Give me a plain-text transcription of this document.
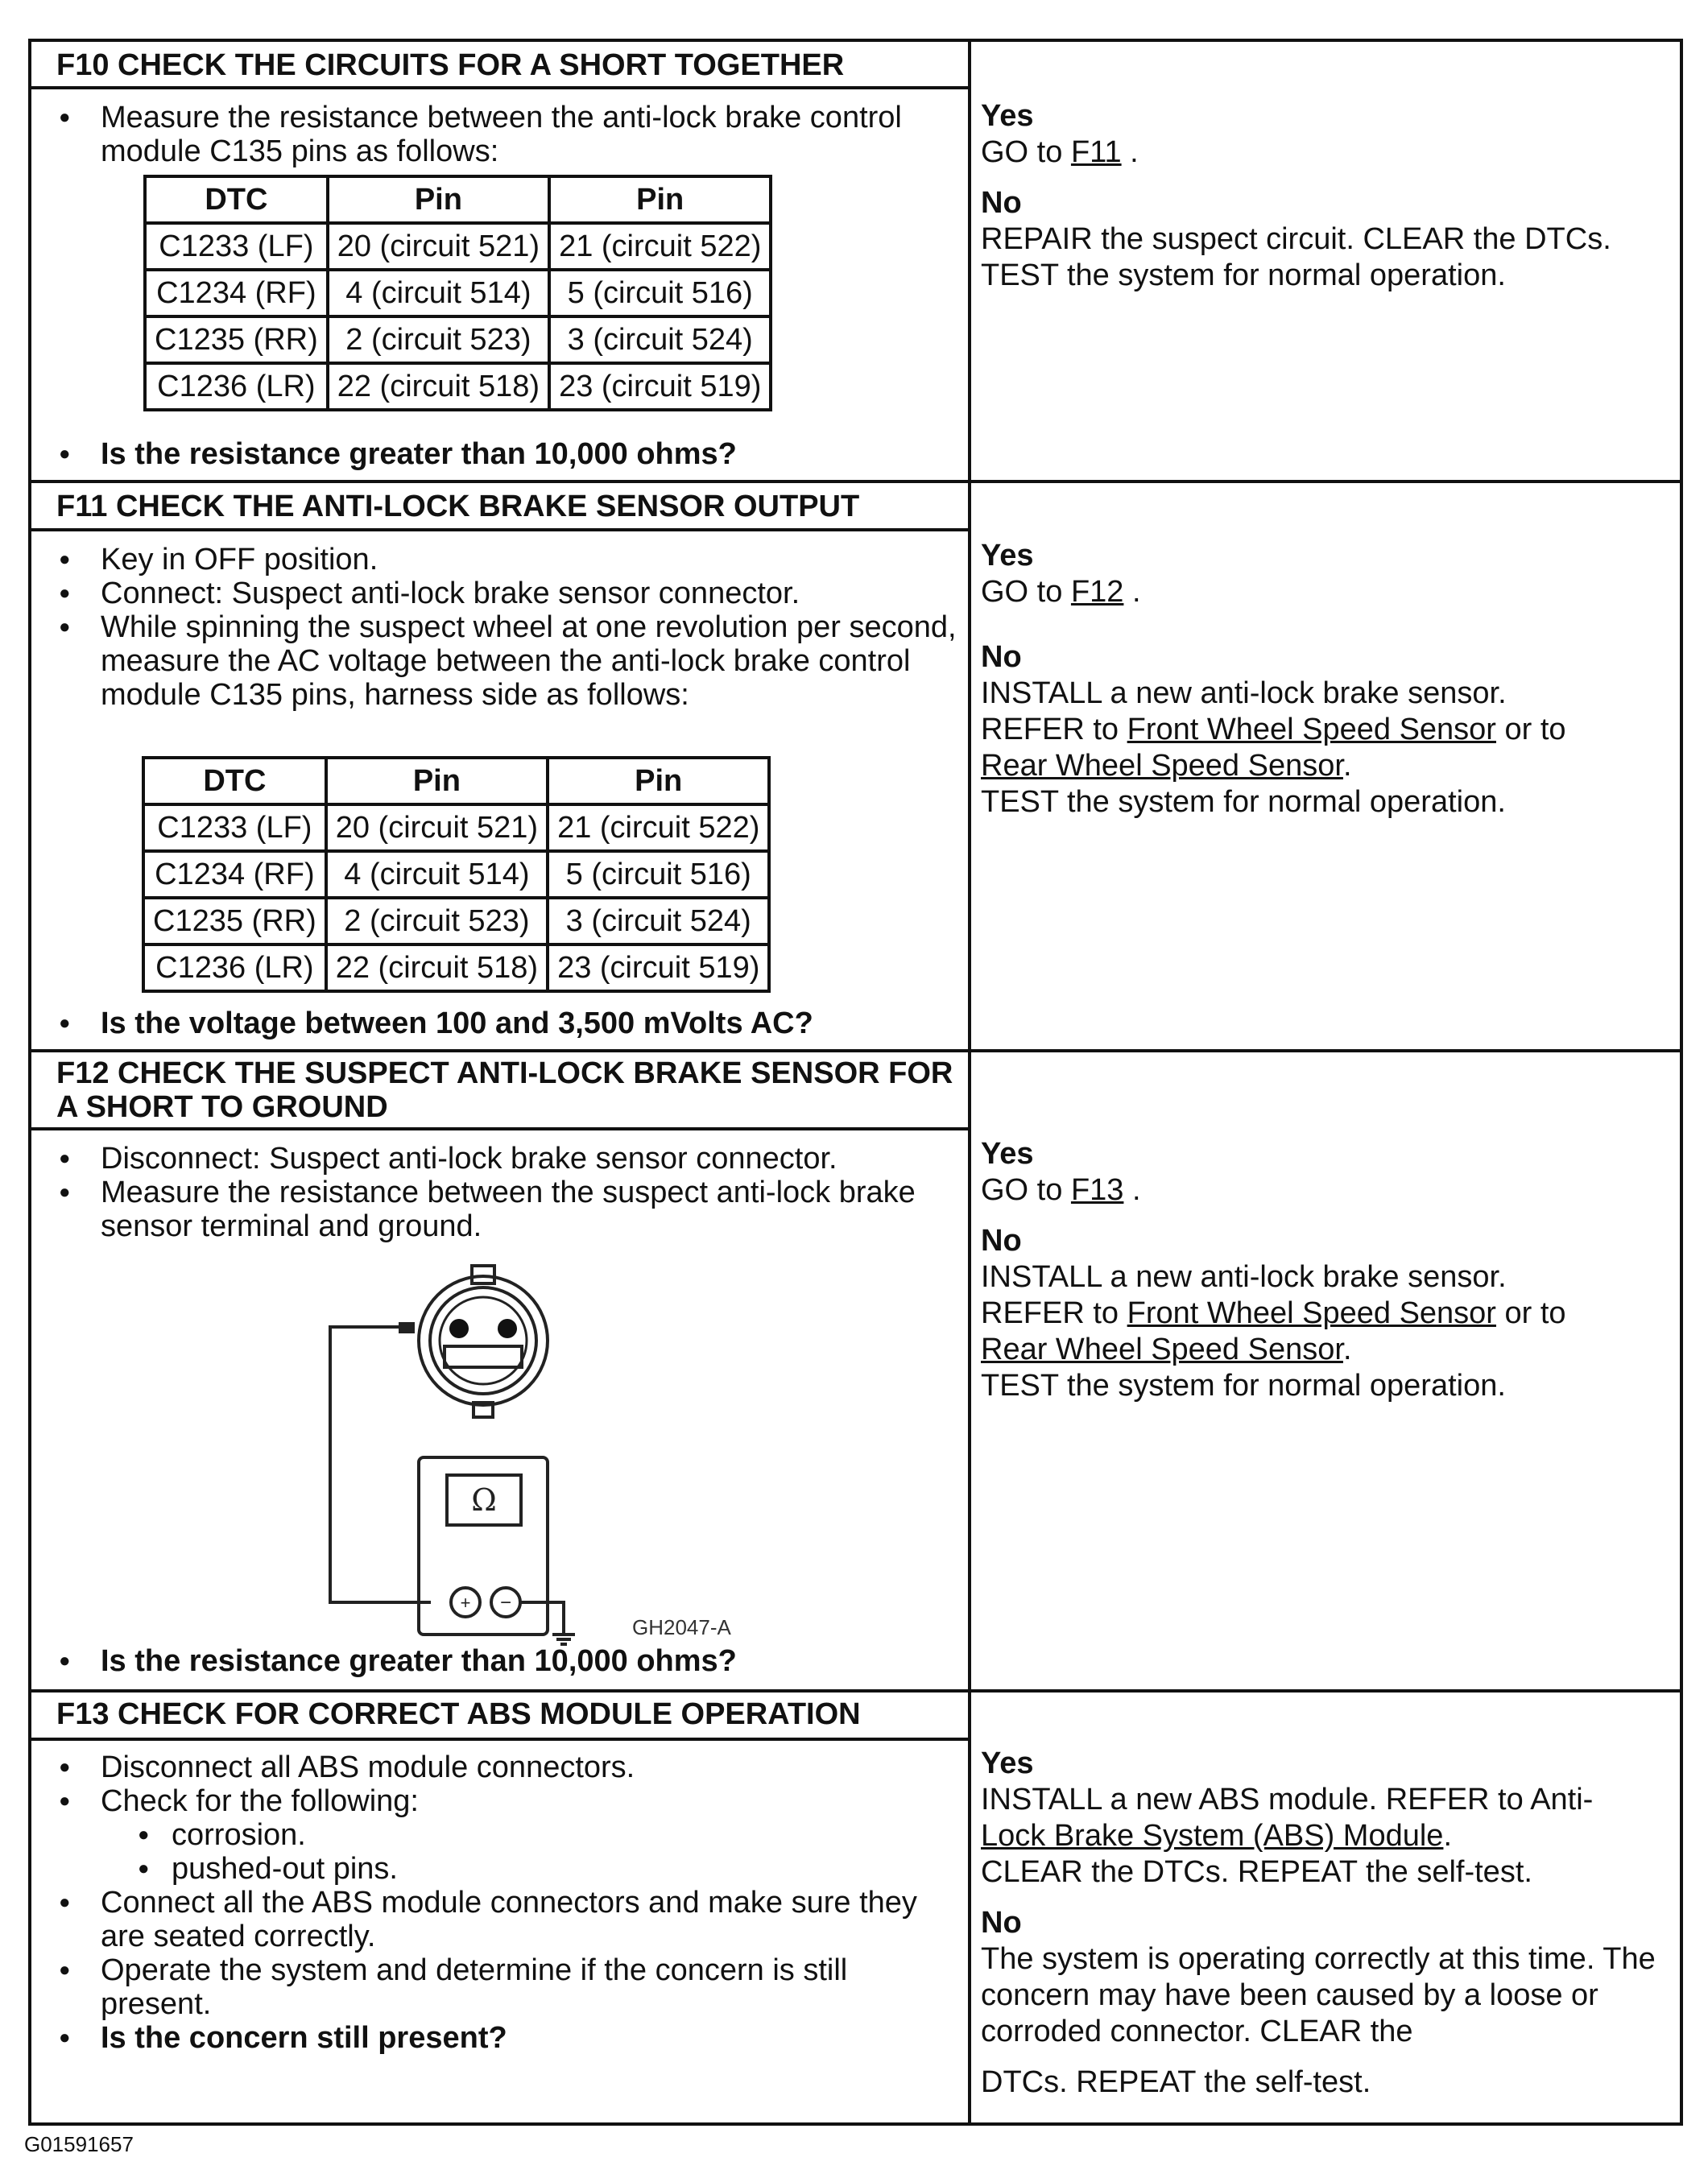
F10 CHECK THE CIRCUITS FOR A SHORT TOGETHER
● Measure the resistance between the anti-lock brake control module C135 pins as follows:
DTC	Pin	Pin
C1233 (LF)	20 (circuit 521)	21 (circuit 522)
C1234 (RF)	4 (circuit 514)	5 (circuit 516)
C1235 (RR)	2 (circuit 523)	3 (circuit 524)
C1236 (LR)	22 (circuit 518)	23 (circuit 519)
● Is the resistance greater than 10,000 ohms?
Yes
GO to F11 .
No
REPAIR the suspect circuit. CLEAR the DTCs. TEST the system for normal operation.
F11 CHECK THE ANTI-LOCK BRAKE SENSOR OUTPUT
● Key in OFF position.
● Connect: Suspect anti-lock brake sensor connector.
● While spinning the suspect wheel at one revolution per second, measure the AC voltage between the anti-lock brake control module C135 pins, harness side as follows:
DTC	Pin	Pin
C1233 (LF)	20 (circuit 521)	21 (circuit 522)
C1234 (RF)	4 (circuit 514)	5 (circuit 516)
C1235 (RR)	2 (circuit 523)	3 (circuit 524)
C1236 (LR)	22 (circuit 518)	23 (circuit 519)
● Is the voltage between 100 and 3,500 mVolts AC?
Yes
GO to F12 .
No
INSTALL a new anti-lock brake sensor.
REFER to Front Wheel Speed Sensor or to
Rear Wheel Speed Sensor.
TEST the system for normal operation.
F12 CHECK THE SUSPECT ANTI-LOCK BRAKE SENSOR FOR A SHORT TO GROUND
● Disconnect: Suspect anti-lock brake sensor connector.
● Measure the resistance between the suspect anti-lock brake sensor terminal and ground.
Ω
+ −
GH2047-A
● Is the resistance greater than 10,000 ohms?
Yes
GO to F13 .
No
INSTALL a new anti-lock brake sensor.
REFER to Front Wheel Speed Sensor or to
Rear Wheel Speed Sensor.
TEST the system for normal operation.
F13 CHECK FOR CORRECT ABS MODULE OPERATION
● Disconnect all ABS module connectors.
● Check for the following:
● corrosion.
● pushed-out pins.
● Connect all the ABS module connectors and make sure they are seated correctly.
● Operate the system and determine if the concern is still present.
● Is the concern still present?
Yes
INSTALL a new ABS module. REFER to Anti-
Lock Brake System (ABS) Module.
CLEAR the DTCs. REPEAT the self-test.
No
The system is operating correctly at this time. The concern may have been caused by a loose or corroded connector. CLEAR the
DTCs. REPEAT the self-test.
G01591657
